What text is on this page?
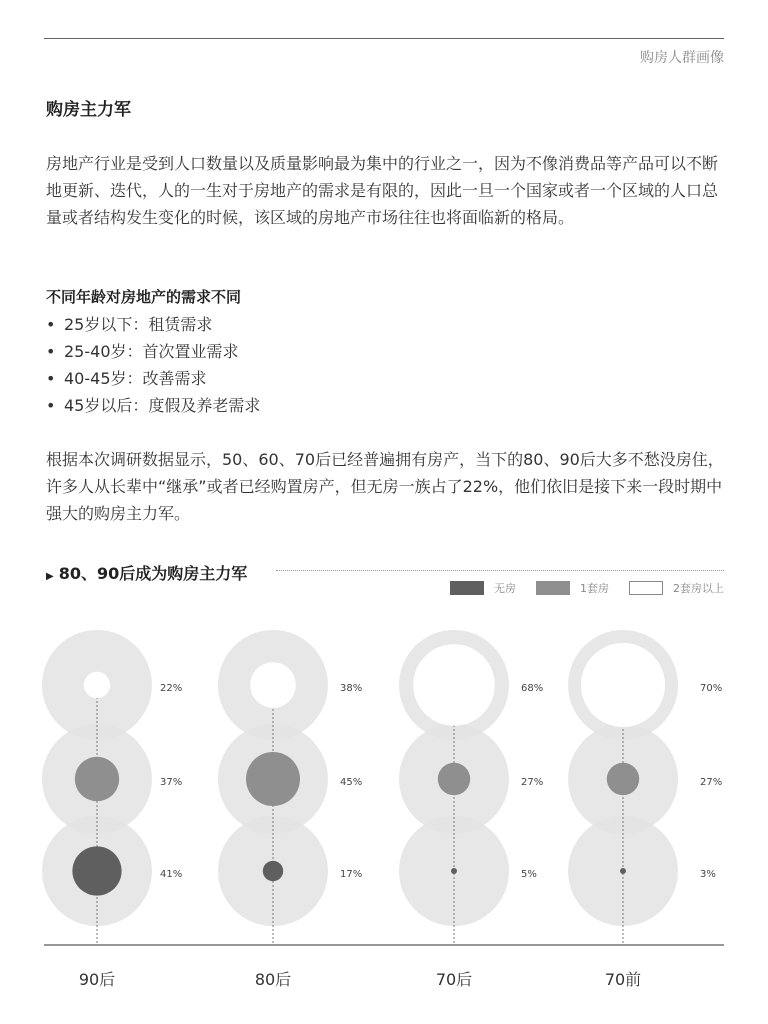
购房人群画像
购房主力军
房地产行业是受到人口数量以及质量影响最为集中的行业之一，因为不像消费品等产品可以不断地更新、迭代，人的一生对于房地产的需求是有限的，因此一旦一个国家或者一个区域的人口总量或者结构发生变化的时候，该区域的房地产市场往往也将面临新的格局。
不同年龄对房地产的需求不同
• 25岁以下：租赁需求
• 25-40岁：首次置业需求
• 40-45岁：改善需求
• 45岁以后：度假及养老需求
根据本次调研数据显示，50、60、70后已经普遍拥有房产，当下的80、90后大多不愁没房住，许多人从长辈中“继承”或者已经购置房产，但无房一族占了22%，他们依旧是接下来一段时期中强大的购房主力军。
▶ 80、90后成为购房主力军
无房	1套房	2套房以上
22%
37%
41%
90后
38%
45%
17%
80后
68%
27%
5%
70后
70%
27%
3%
70前
